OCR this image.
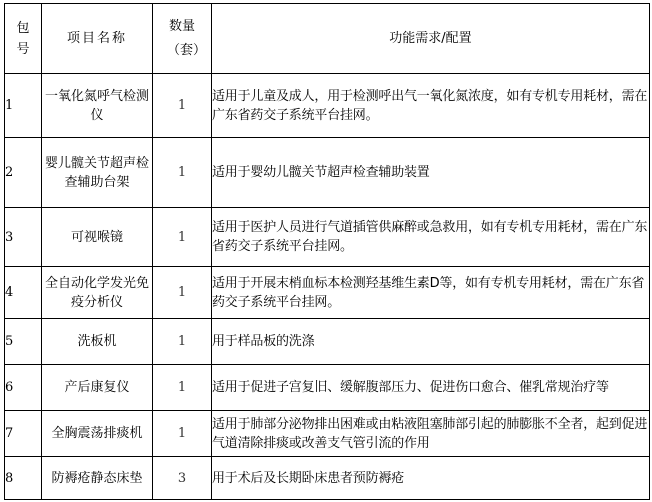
包号	项目名称	数量（套）	功能需求/配置
1	一氧化氮呼气检测仪	1	适用于儿童及成人，用于检测呼出气一氧化氮浓度，如有专机专用耗材，需在广东省药交子系统平台挂网。
2	婴儿髋关节超声检查辅助台架	1	适用于婴幼儿髋关节超声检查辅助装置
3	可视喉镜	1	适用于医护人员进行气道插管供麻醉或急救用，如有专机专用耗材，需在广东省药交子系统平台挂网。
4	全自动化学发光免疫分析仪	1	适用于开展末梢血标本检测羟基维生素D等，如有专机专用耗材，需在广东省药交子系统平台挂网。
5	洗板机	1	用于样品板的洗涤
6	产后康复仪	1	适用于促进子宫复旧、缓解腹部压力、促进伤口愈合、催乳常规治疗等
7	全胸震荡排痰机	1	适用于肺部分泌物排出困难或由粘液阻塞肺部引起的肺膨胀不全者，起到促进气道清除排痰或改善支气管引流的作用
8	防褥疮静态床垫	3	用于术后及长期卧床患者预防褥疮
